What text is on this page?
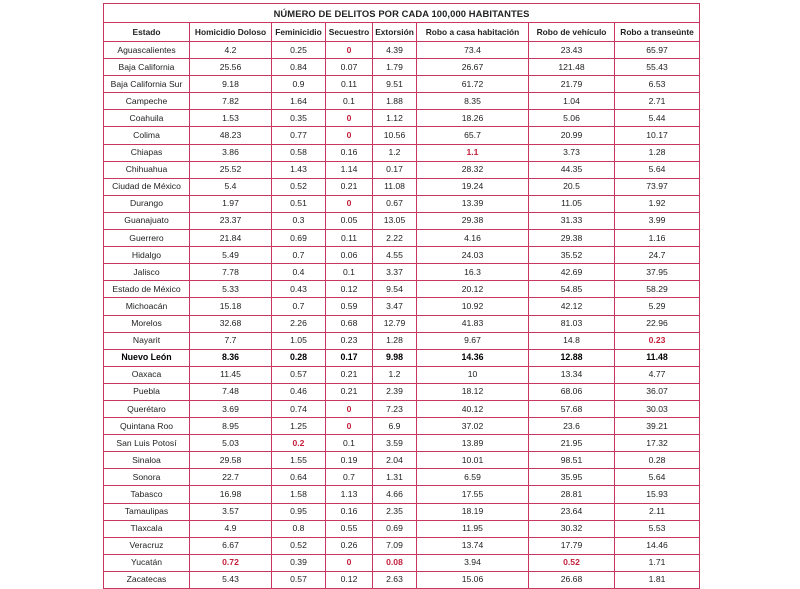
NÚMERO DE DELITOS POR CADA 100,000 HABITANTES							
Estado	Homicidio Doloso	Feminicidio	Secuestro	Extorsión	Robo a casa habitación	Robo de vehículo	Robo a transeúnte
Aguascalientes	4.2	0.25	0	4.39	73.4	23.43	65.97
Baja California	25.56	0.84	0.07	1.79	26.67	121.48	55.43
Baja California Sur	9.18	0.9	0.11	9.51	61.72	21.79	6.53
Campeche	7.82	1.64	0.1	1.88	8.35	1.04	2.71
Coahuila	1.53	0.35	0	1.12	18.26	5.06	5.44
Colima	48.23	0.77	0	10.56	65.7	20.99	10.17
Chiapas	3.86	0.58	0.16	1.2	1.1	3.73	1.28
Chihuahua	25.52	1.43	1.14	0.17	28.32	44.35	5.64
Ciudad de México	5.4	0.52	0.21	11.08	19.24	20.5	73.97
Durango	1.97	0.51	0	0.67	13.39	11.05	1.92
Guanajuato	23.37	0.3	0.05	13.05	29.38	31.33	3.99
Guerrero	21.84	0.69	0.11	2.22	4.16	29.38	1.16
Hidalgo	5.49	0.7	0.06	4.55	24.03	35.52	24.7
Jalisco	7.78	0.4	0.1	3.37	16.3	42.69	37.95
Estado de México	5.33	0.43	0.12	9.54	20.12	54.85	58.29
Michoacán	15.18	0.7	0.59	3.47	10.92	42.12	5.29
Morelos	32.68	2.26	0.68	12.79	41.83	81.03	22.96
Nayarit	7.7	1.05	0.23	1.28	9.67	14.8	0.23
Nuevo León	8.36	0.28	0.17	9.98	14.36	12.88	11.48
Oaxaca	11.45	0.57	0.21	1.2	10	13.34	4.77
Puebla	7.48	0.46	0.21	2.39	18.12	68.06	36.07
Querétaro	3.69	0.74	0	7.23	40.12	57.68	30.03
Quintana Roo	8.95	1.25	0	6.9	37.02	23.6	39.21
San Luis Potosí	5.03	0.2	0.1	3.59	13.89	21.95	17.32
Sinaloa	29.58	1.55	0.19	2.04	10.01	98.51	0.28
Sonora	22.7	0.64	0.7	1.31	6.59	35.95	5.64
Tabasco	16.98	1.58	1.13	4.66	17.55	28.81	15.93
Tamaulipas	3.57	0.95	0.16	2.35	18.19	23.64	2.11
Tlaxcala	4.9	0.8	0.55	0.69	11.95	30.32	5.53
Veracruz	6.67	0.52	0.26	7.09	13.74	17.79	14.46
Yucatán	0.72	0.39	0	0.08	3.94	0.52	1.71
Zacatecas	5.43	0.57	0.12	2.63	15.06	26.68	1.81
